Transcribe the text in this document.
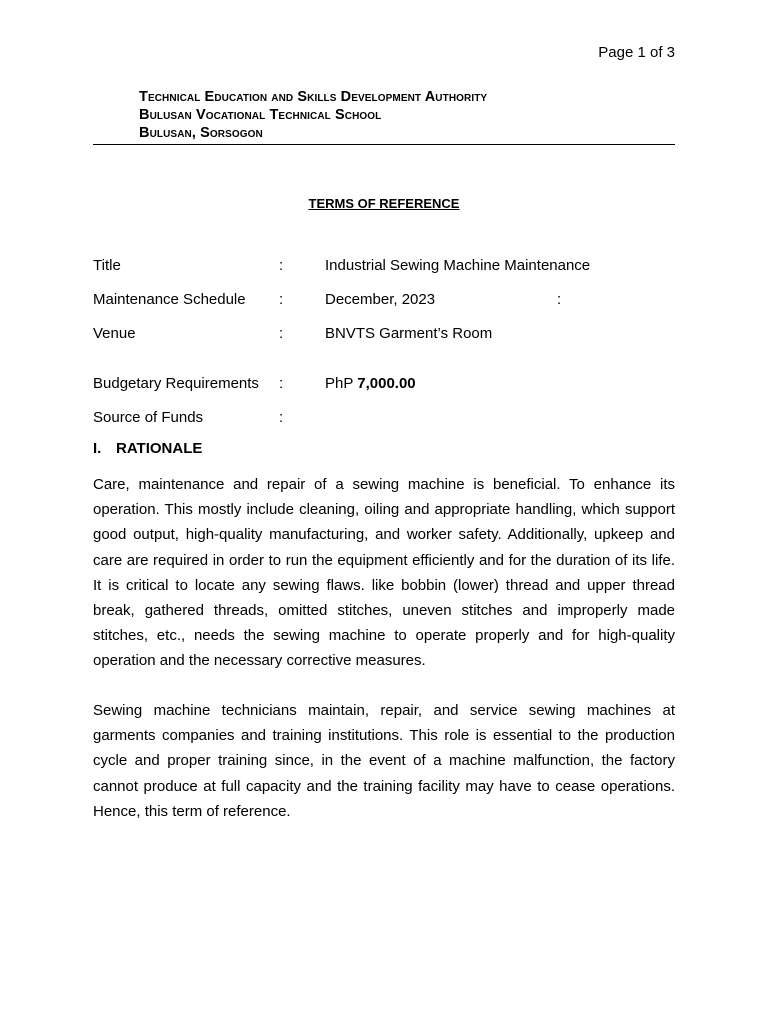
Page 1 of 3
Technical Education and Skills Development Authority
Bulusan Vocational Technical School
Bulusan, Sorsogon
TERMS OF REFERENCE
Title	:	Industrial Sewing Machine Maintenance
Maintenance Schedule :	December, 2023	:
Venue	:	BNVTS Garment’s Room
Budgetary Requirements :	PhP 7,000.00
Source of Funds	:
I. RATIONALE

Care, maintenance and repair of a sewing machine is beneficial. To enhance its operation. This mostly include cleaning, oiling and appropriate handling, which support good output, high-quality manufacturing, and worker safety. Additionally, upkeep and care are required in order to run the equipment efficiently and for the duration of its life. It is critical to locate any sewing flaws. like bobbin (lower) thread and upper thread break, gathered threads, omitted stitches, uneven stitches and improperly made stitches, etc., needs the sewing machine to operate properly and for high-quality operation and the necessary corrective measures.

Sewing machine technicians maintain, repair, and service sewing machines at garments companies and training institutions. This role is essential to the production cycle and proper training since, in the event of a machine malfunction, the factory cannot produce at full capacity and the training facility may have to cease operations. Hence, this term of reference.
